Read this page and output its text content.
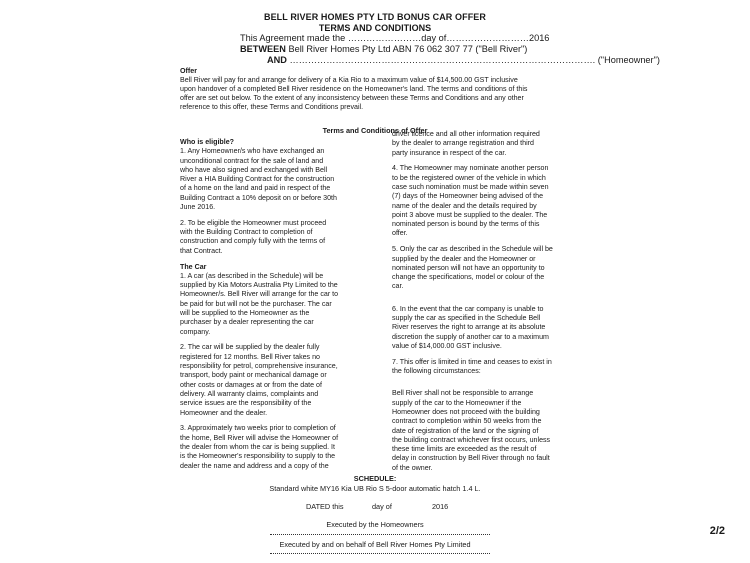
BELL RIVER HOMES PTY LTD BONUS CAR OFFER
TERMS AND CONDITIONS
This Agreement made the ……………………day of………………………2016
BETWEEN Bell River Homes Pty Ltd ABN 76 062 307 77 ("Bell River")
AND ………………………………………………………………………………………. ("Homeowner")

Offer

Bell River will pay for and arrange for delivery of a Kia Rio to a maximum value of $14,500.00 GST inclusive

upon handover of a completed Bell River residence on the Homeowner's land. The terms and conditions of this

offer are set out below. To the extent of any inconsistency between these Terms and Conditions and any other

reference to this offer, these Terms and Conditions prevail.

Terms and Conditions of Offer

Who is eligible?

1. Any Homeowner/s who have exchanged an

unconditional contract for the sale of land and

who have also signed and exchanged with Bell

River a HIA Building Contract for the construction

of a home on the land and paid in respect of the

Building Contract a 10% deposit on or before 30th

June 2016.

2. To be eligible the Homeowner must proceed

with the Building Contract to completion of

construction and comply fully with the terms of

that Contract.

The Car

1. A car (as described in the Schedule) will be

supplied by Kia Motors Australia Pty Limited to the

Homeowner/s. Bell River will arrange for the car to

be paid for but will not be the purchaser. The car

will be supplied to the Homeowner as the

purchaser by a dealer representing the car

company.

2. The car will be supplied by the dealer fully

registered for 12 months. Bell River takes no

responsibility for petrol, comprehensive insurance,

transport, body paint or mechanical damage or

other costs or damages at or from the date of

delivery. All warranty claims, complaints and

service issues are the responsibility of the

Homeowner and the dealer.

3. Approximately two weeks prior to completion of

the home, Bell River will advise the Homeowner of

the dealer from whom the car is being supplied. It

is the Homeowner's responsibility to supply to the

dealer the name and address and a copy of the

driver licence and all other information required

by the dealer to arrange registration and third

party insurance in respect of the car.

4. The Homeowner may nominate another person

to be the registered owner of the vehicle in which

case such nomination must be made within seven

(7) days of the Homeowner being advised of the

name of the dealer and the details required by

point 3 above must be supplied to the dealer. The

nominated person is bound by the terms of this

offer.

5. Only the car as described in the Schedule will be

supplied by the dealer and the Homeowner or

nominated person will not have an opportunity to

change the specifications, model or colour of the

car.

6. In the event that the car company is unable to

supply the car as specified in the Schedule Bell

River reserves the right to arrange at its absolute

discretion the supply of another car to a maximum

value of $14,000.00 GST inclusive.

7. This offer is limited in time and ceases to exist in

the following circumstances:

Bell River shall not be responsible to arrange

supply of the car to the Homeowner if the

Homeowner does not proceed with the building

contract to completion within 50 weeks from the

date of registration of the land or the signing of

the building contract whichever first occurs, unless

these time limits are exceeded as the result of

delay in construction by Bell River through no fault

of the owner.

SCHEDULE:
Standard white MY16 Kia UB Rio S 5-door automatic hatch 1.4 L.
DATED this	day of	2016
Executed by the Homeowners
Executed by and on behalf of Bell River Homes Pty Limited
2/2
